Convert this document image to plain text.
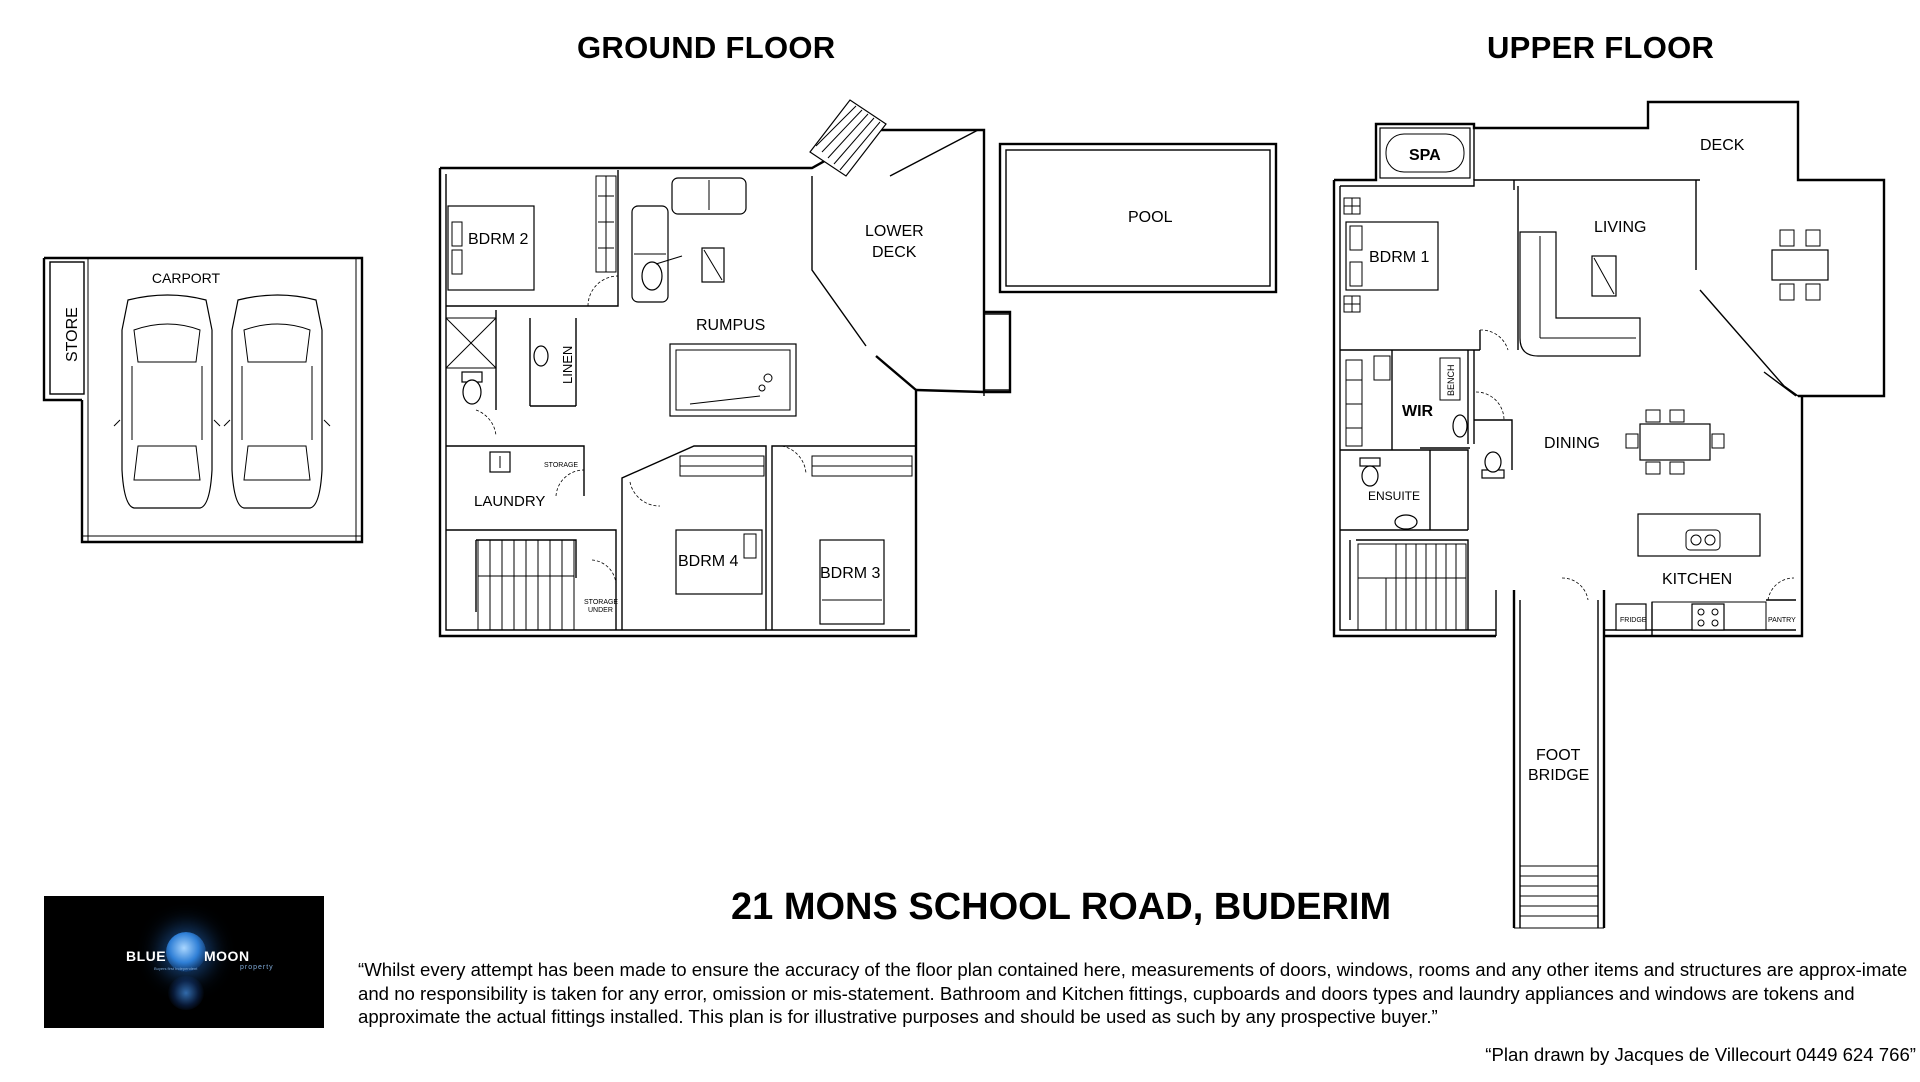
GROUND FLOOR	UPPER FLOOR
STORE
CARPORT
BDRM 2
RUMPUS
LINEN
STORAGE
LAUNDRY
STORAGE
UNDER
BDRM 4
BDRM 3
LOWER
DECK
POOL
SPA
DECK
BDRM 1
LIVING
WIR
BENCH
ENSUITE
DINING
KITCHEN
FRIDGE	PANTRY
FOOT
BRIDGE
21 MONS SCHOOL ROAD, BUDERIM
BLUE	MOON
Buyers first Independent	property	“Whilst every attempt has been made to ensure the accuracy of the floor plan contained here, measurements of doors, windows, rooms and any other items and structures are approx-imate and no responsibility is taken for any error, omission or mis-statement. Bathroom and Kitchen fittings, cupboards and doors types and laundry appliances and windows are tokens and approximate the actual fittings installed. This plan is for illustrative purposes and should be used as such by any prospective buyer.”
“Plan drawn by Jacques de Villecourt 0449 624 766”
